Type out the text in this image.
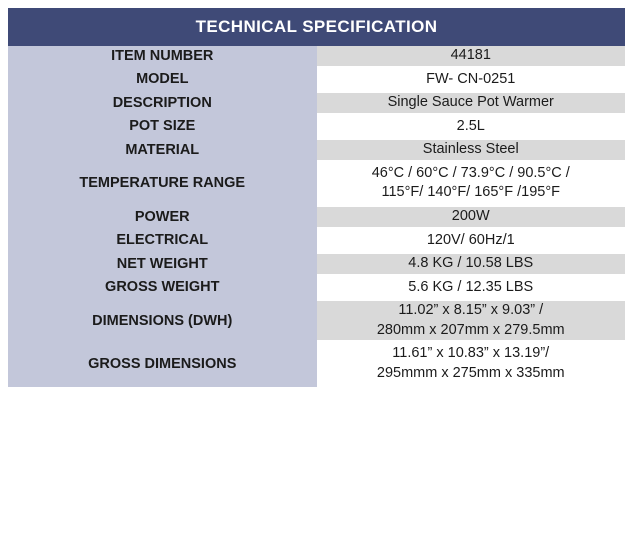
TECHNICAL SPECIFICATION	
ITEM NUMBER	44181

MODEL	FW- CN-0251

DESCRIPTION	Single Sauce Pot Warmer

POT SIZE	2.5L

MATERIAL	Stainless Steel

TEMPERATURE RANGE	46°C / 60°C / 73.9°C / 90.5°C /
115°F/ 140°F/ 165°F /195°F

POWER	200W

ELECTRICAL	120V/ 60Hz/1

NET WEIGHT	4.8 KG / 10.58 LBS

GROSS WEIGHT	5.6 KG / 12.35 LBS

DIMENSIONS (DWH)	11.02” x 8.15” x 9.03” /
280mm x 207mm x 279.5mm

GROSS DIMENSIONS	11.61” x 10.83” x 13.19”/
295mmm x 275mm x 335mm
